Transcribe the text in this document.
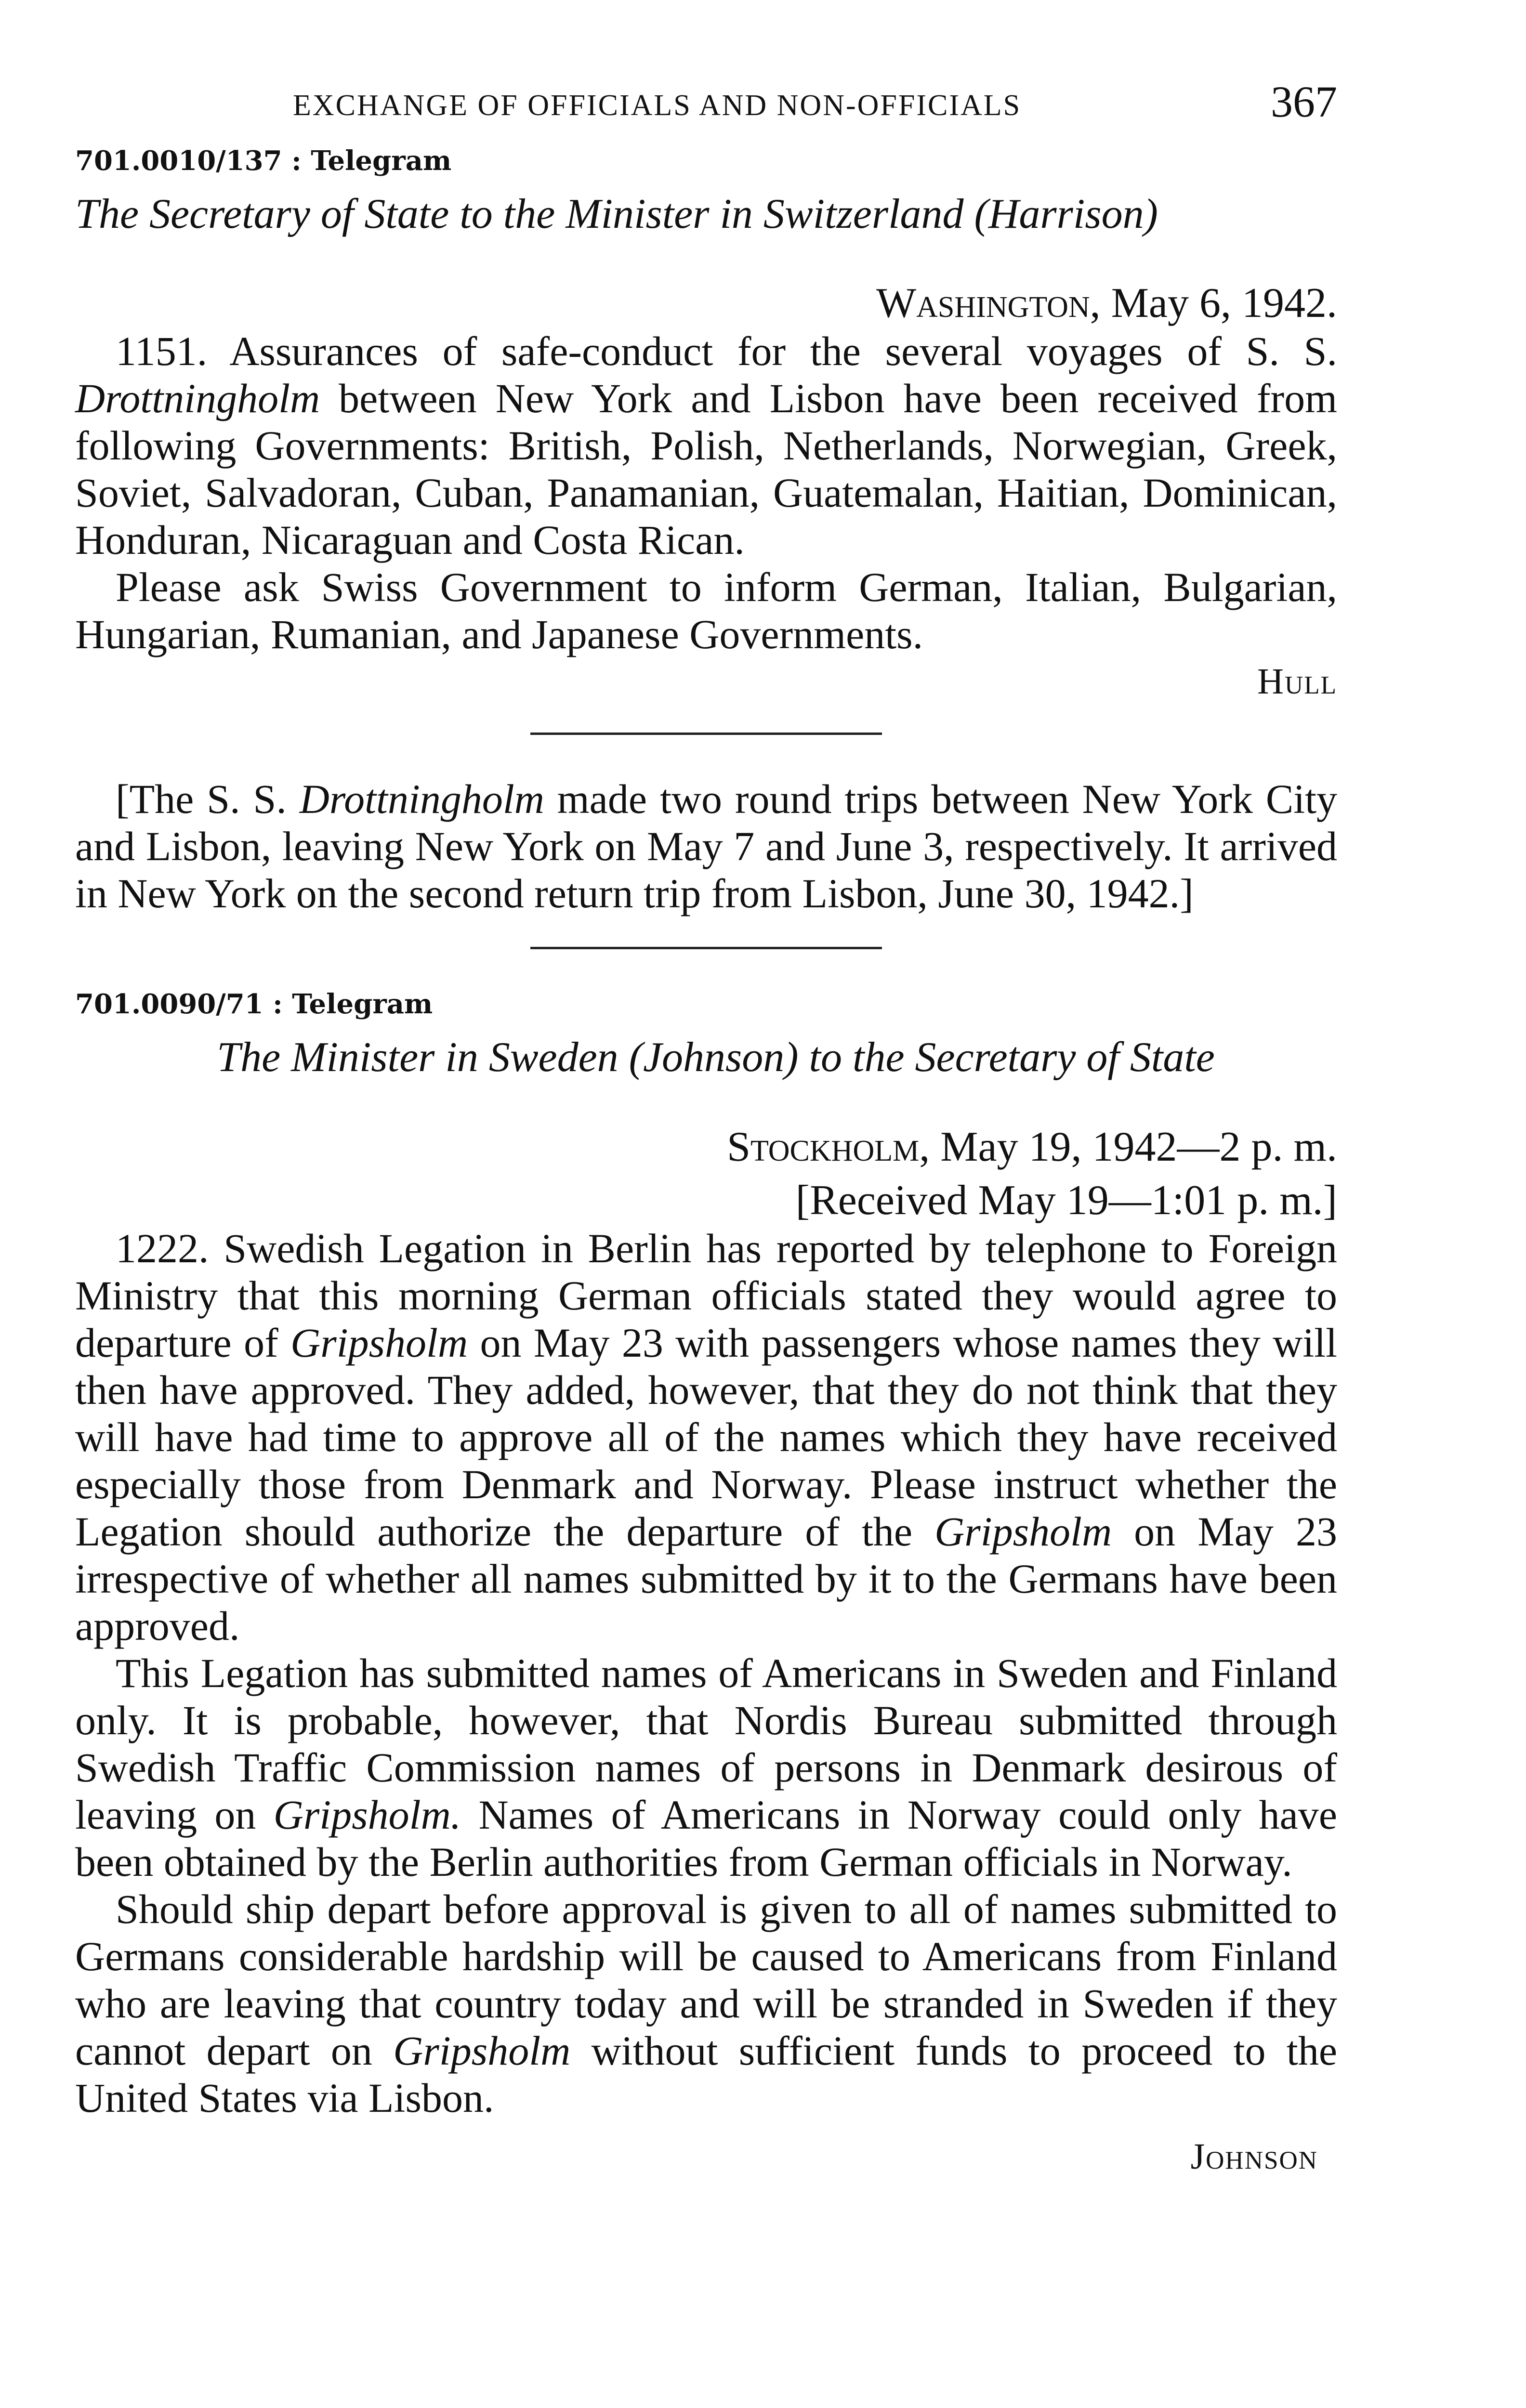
EXCHANGE OF OFFICIALS AND NON-OFFICIALS	367
701.0010/137 : Telegram
The Secretary of State to the Minister in Switzerland (Harrison)
Washington, May 6, 1942.

1151. Assurances of safe-conduct for the several voyages of S. S. Drottningholm between New York and Lisbon have been received from following Governments: British, Polish, Netherlands, Norwegian, Greek, Soviet, Salvadoran, Cuban, Panamanian, Guatemalan, Haitian, Dominican, Honduran, Nicaraguan and Costa Rican.

Please ask Swiss Government to inform German, Italian, Bulgarian, Hungarian, Rumanian, and Japanese Governments.

Hull

[The S. S. Drottningholm made two round trips between New York City and Lisbon, leaving New York on May 7 and June 3, respectively. It arrived in New York on the second return trip from Lisbon, June 30, 1942.]

701.0090/71 : Telegram
The Minister in Sweden (Johnson) to the Secretary of State
Stockholm, May 19, 1942—2 p. m.
[Received May 19—1:01 p. m.]

1222. Swedish Legation in Berlin has reported by telephone to Foreign Ministry that this morning German officials stated they would agree to departure of Gripsholm on May 23 with passengers whose names they will then have approved. They added, however, that they do not think that they will have had time to approve all of the names which they have received especially those from Denmark and Norway. Please instruct whether the Legation should authorize the departure of the Gripsholm on May 23 irrespective of whether all names submitted by it to the Germans have been approved.

This Legation has submitted names of Americans in Sweden and Finland only. It is probable, however, that Nordis Bureau submitted through Swedish Traffic Commission names of persons in Denmark desirous of leaving on Gripsholm. Names of Americans in Norway could only have been obtained by the Berlin authorities from German officials in Norway.

Should ship depart before approval is given to all of names submitted to Germans considerable hardship will be caused to Americans from Finland who are leaving that country today and will be stranded in Sweden if they cannot depart on Gripsholm without sufficient funds to proceed to the United States via Lisbon.

Johnson
